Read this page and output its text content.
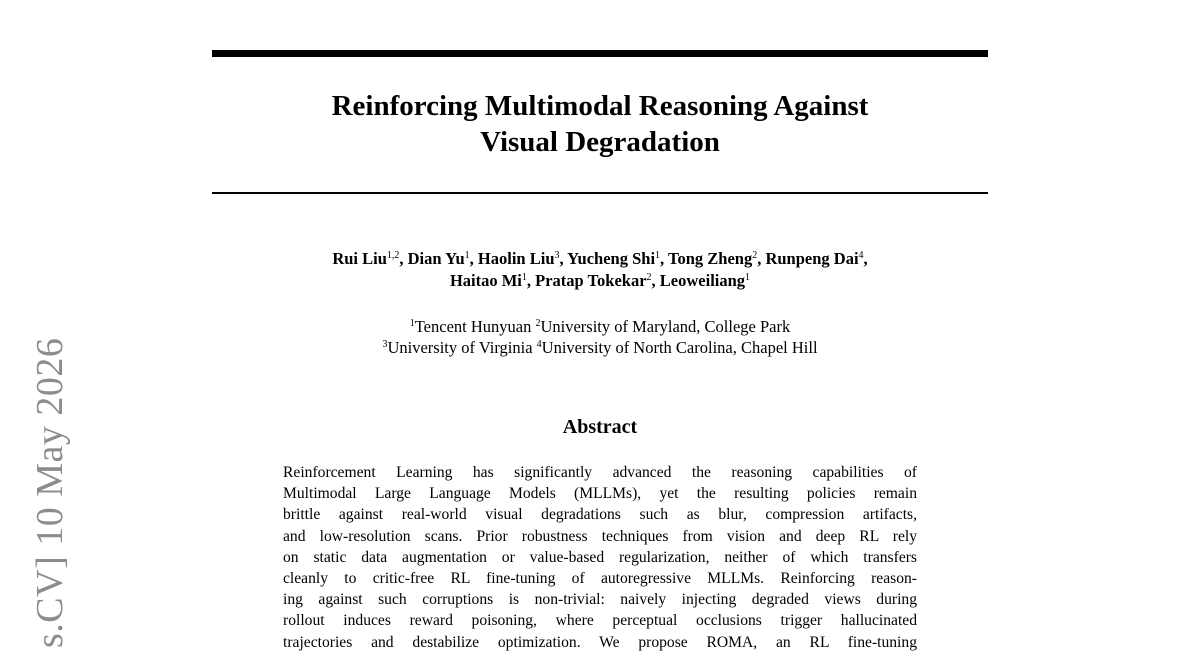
Reinforcing Multimodal Reasoning Against
Visual Degradation
Rui Liu$^{1,2}$, Dian Yu$^1$, Haolin Liu$^3$, Yucheng Shi$^1$, Tong Zheng$^2$, Runpeng Dai$^4$,
Haitao Mi$^1$, Pratap Tokekar$^2$, Leoweiliang$^1$
$^1$Tencent Hunyuan $^2$University of Maryland, College Park
$^3$University of Virginia $^4$University of North Carolina, Chapel Hill
Abstract
Reinforcement Learning has significantly advanced the reasoning capabilities of
Multimodal Large Language Models (MLLMs), yet the resulting policies remain
brittle against real-world visual degradations such as blur, compression artifacts,
and low-resolution scans. Prior robustness techniques from vision and deep RL rely
on static data augmentation or value-based regularization, neither of which transfers
cleanly to critic-free RL fine-tuning of autoregressive MLLMs. Reinforcing reason-
ing against such corruptions is non-trivial: naively injecting degraded views during
rollout induces reward poisoning, where perceptual occlusions trigger hallucinated
trajectories and destabilize optimization. We propose ROMA, an RL fine-tuning
s.CV] 10 May 2026
